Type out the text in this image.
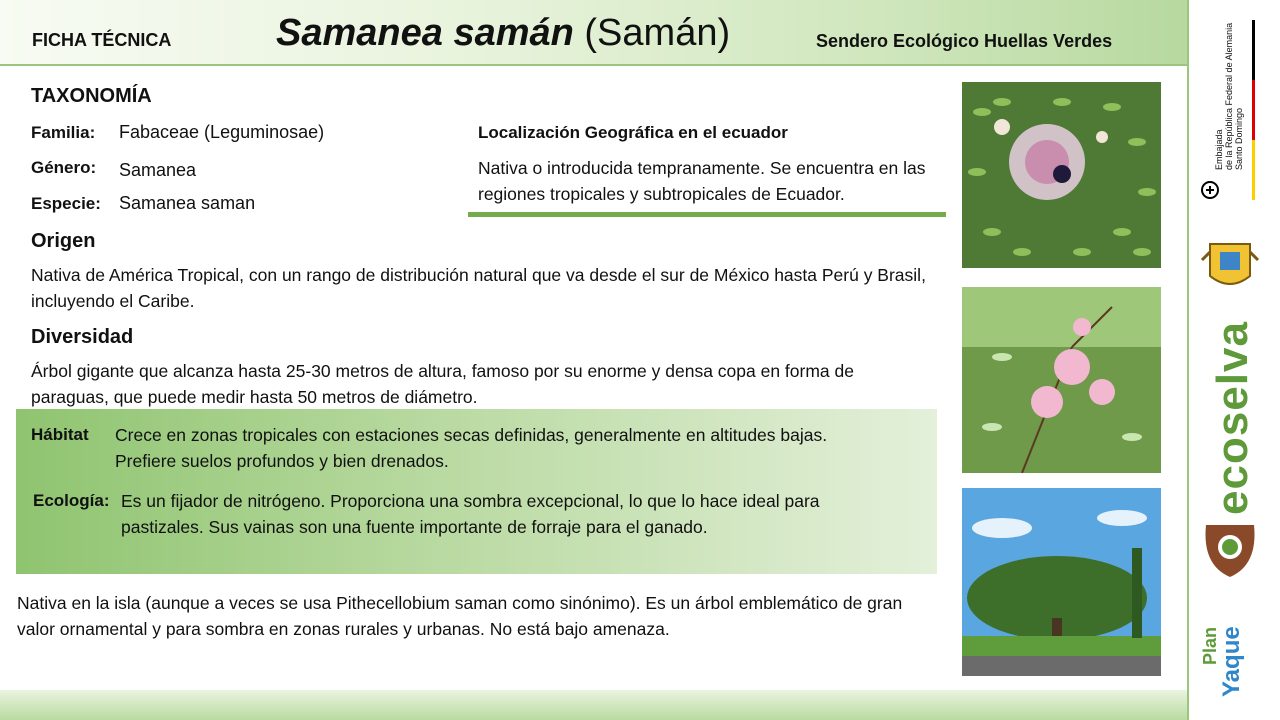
FICHA TÉCNICA	Samanea samán (Samán)	Sendero Ecológico Huellas Verdes
TAXONOMÍA
Familia: Fabaceae (Leguminosae)
Género: Samanea
Especie: Samanea saman
Localización Geográfica en el ecuador
Nativa o introducida tempranamente. Se encuentra en las regiones tropicales y subtropicales de Ecuador.
Origen
Nativa de América Tropical, con un rango de distribución natural que va desde el sur de México hasta Perú y Brasil, incluyendo el Caribe.
Diversidad
Árbol gigante que alcanza hasta 25-30 metros de altura, famoso por su enorme y densa copa en forma de paraguas, que puede medir hasta 50 metros de diámetro.
Hábitat Crece en zonas tropicales con estaciones secas definidas, generalmente en altitudes bajas.
Prefiere suelos profundos y bien drenados.
Ecología: Es un fijador de nitrógeno. Proporciona una sombra excepcional, lo que lo hace ideal para
pastizales. Sus vainas son una fuente importante de forraje para el ganado.
Nativa en la isla (aunque a veces se usa Pithecellobium saman como sinónimo). Es un árbol emblemático de gran valor ornamental y para sombra en zonas rurales y urbanas. No está bajo amenaza.
Embajada de la República Federal de Alemania Santo Domingo
ecoselva
Plan
Yaque
